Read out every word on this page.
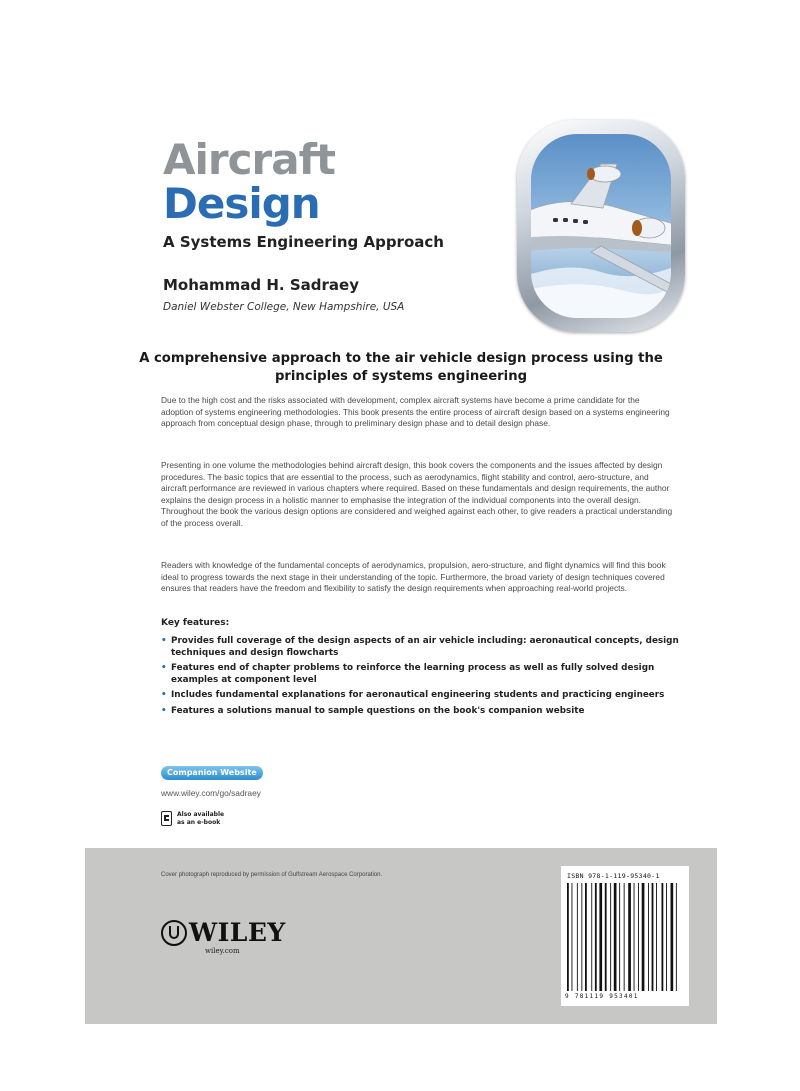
Aircraft
Design
A Systems Engineering Approach
Mohammad H. Sadraey
Daniel Webster College, New Hampshire, USA
A comprehensive approach to the air vehicle design process using the principles of systems engineering

Due to the high cost and the risks associated with development, complex aircraft systems have become a prime candidate for the adoption of systems engineering methodologies. This book presents the entire process of aircraft design based on a systems engineering approach from conceptual design phase, through to preliminary design phase and to detail design phase.

Presenting in one volume the methodologies behind aircraft design, this book covers the components and the issues affected by design procedures. The basic topics that are essential to the process, such as aerodynamics, flight stability and control, aero-structure, and aircraft performance are reviewed in various chapters where required. Based on these fundamentals and design requirements, the author explains the design process in a holistic manner to emphasise the integration of the individual components into the overall design. Throughout the book the various design options are considered and weighed against each other, to give readers a practical understanding of the process overall.

Readers with knowledge of the fundamental concepts of aerodynamics, propulsion, aero-structure, and flight dynamics will find this book ideal to progress towards the next stage in their understanding of the topic. Furthermore, the broad variety of design techniques covered ensures that readers have the freedom and flexibility to satisfy the design requirements when approaching real-world projects.

Key features:
• Provides full coverage of the design aspects of an air vehicle including: aeronautical concepts, design techniques and design flowcharts
• Features end of chapter problems to reinforce the learning process as well as fully solved design examples at component level
• Includes fundamental explanations for aeronautical engineering students and practicing engineers
• Features a solutions manual to sample questions on the book's companion website
Companion Website
www.wiley.com/go/sadraey
Also available
as an e-book
Cover photograph reproduced by permission of Gulfstream Aerospace Corporation.
WILEY
wiley.com
ISBN 978-1-119-95340-1
9 781119 953401
